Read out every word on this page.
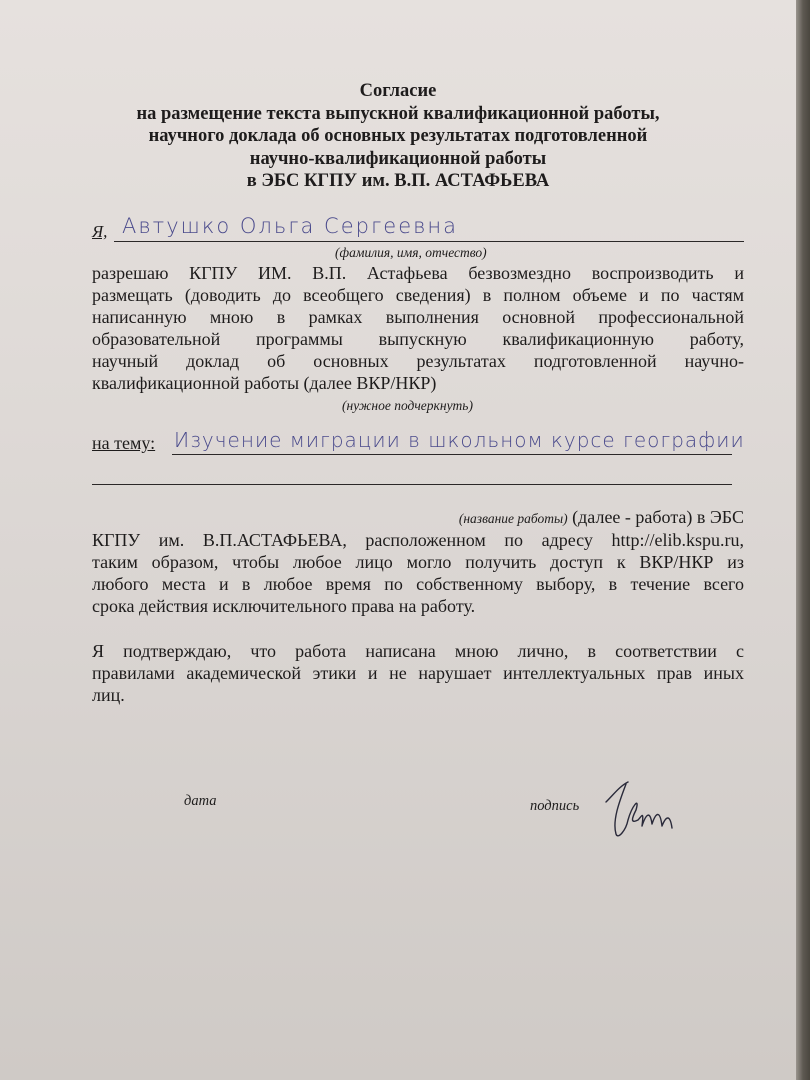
Согласие
на размещение текста выпускной квалификационной работы,
научного доклада об основных результатах подготовленной
научно-квалификационной работы
в ЭБС КГПУ им. В.П. АСТАФЬЕВА
Я, Автушко Ольга Сергеевна
(фамилия, имя, отчество)
разрешаю КГПУ ИМ. В.П. Астафьева безвозмездно воспроизводить и
размещать (доводить до всеобщего сведения) в полном объеме и по частям
написанную мною в рамках выполнения основной профессиональной
образовательной программы выпускную квалификационную работу,
научный доклад об основных результатах подготовленной научно-
квалификационной работы (далее ВКР/НКР)
(нужное подчеркнуть)
на тему: Изучение миграции в школьном курсе географии
(название работы) (далее - работа) в ЭБС
КГПУ им. В.П.АСТАФЬЕВА, расположенном по адресу http://elib.kspu.ru,
таким образом, чтобы любое лицо могло получить доступ к ВКР/НКР из
любого места и в любое время по собственному выбору, в течение всего
срока действия исключительного права на работу.
Я подтверждаю, что работа написана мною лично, в соответствии с
правилами академической этики и не нарушает интеллектуальных прав иных
лиц.
дата	подпись
